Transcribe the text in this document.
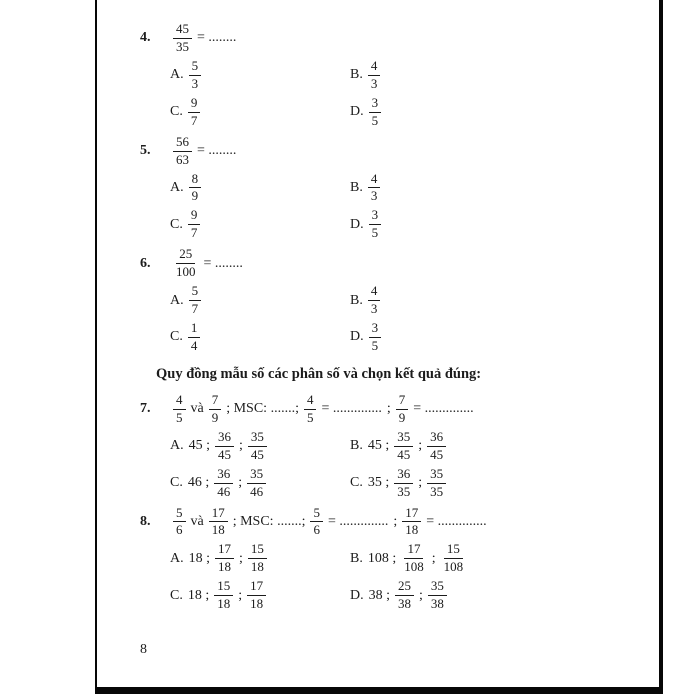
4.	$\frac{45}{35}$ = ........
A. $\frac{5}{3}$	B. $\frac{4}{3}$
C. $\frac{9}{7}$	D. $\frac{3}{5}$
5.	$\frac{56}{63}$ = ........
A. $\frac{8}{9}$	B. $\frac{4}{3}$
C. $\frac{9}{7}$	D. $\frac{3}{5}$
6.	$\frac{25}{100}$ = ........
A. $\frac{5}{7}$	B. $\frac{4}{3}$
C. $\frac{1}{4}$	D. $\frac{3}{5}$
Quy đồng mẫu số các phân số và chọn kết quả đúng:
7.	$\frac{4}{5}$ và $\frac{7}{9}$ ; MSC: .......; $\frac{4}{5}$ = .............. ; $\frac{7}{9}$ = ..............
A. 45 ; $\frac{36}{45}$ ; $\frac{35}{45}$	B. 45 ; $\frac{35}{45}$ ; $\frac{36}{45}$
C. 46 ; $\frac{36}{46}$ ; $\frac{35}{46}$	C. 35 ; $\frac{36}{35}$ ; $\frac{35}{35}$
8.	$\frac{5}{6}$ và $\frac{17}{18}$ ; MSC: .......; $\frac{5}{6}$ = .............. ; $\frac{17}{18}$ = ..............
A. 18 ; $\frac{17}{18}$ ; $\frac{15}{18}$	B. 108 ; $\frac{17}{108}$ ; $\frac{15}{108}$
C. 18 ; $\frac{15}{18}$ ; $\frac{17}{18}$	D. 38 ; $\frac{25}{38}$ ; $\frac{35}{38}$
8
